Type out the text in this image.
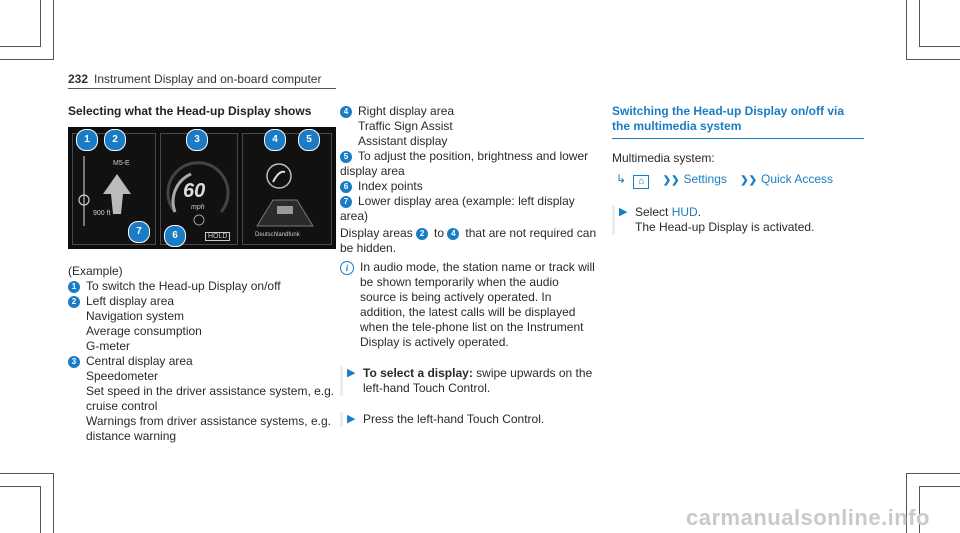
232 Instrument Display and on-board computer
Selecting what the Head-up Display shows
M5-E
900 ft
60
mph
HOLD	Deutschlandfunk
1	2	3	4	5
6
7
(Example)
1 To switch the Head-up Display on/off
2 Left display area
Navigation system
Average consumption
G-meter
3 Central display area
Speedometer
Set speed in the driver assistance system, e.g. cruise control
Warnings from driver assistance systems, e.g. distance warning
4 Right display area
Traffic Sign Assist
Assistant display
5 To adjust the position, brightness and lower display area
6 Index points
7 Lower display area (example: left display area)
Display areas 2 to 4 that are not required can be hidden.
i In audio mode, the station name or track will be shown temporarily when the audio source is being actively operated. In addition, the latest calls will be displayed when the tele-phone list on the Instrument Display is actively operated.
▶ To select a display: swipe upwards on the left-hand Touch Control.
▶ Press the left-hand Touch Control.
Switching the Head-up Display on/off via the multimedia system
Multimedia system:
↳ ⌂ ❯❯ Settings ❯❯ Quick Access
▶ Select HUD.
The Head-up Display is activated.
carmanualsonline.info
